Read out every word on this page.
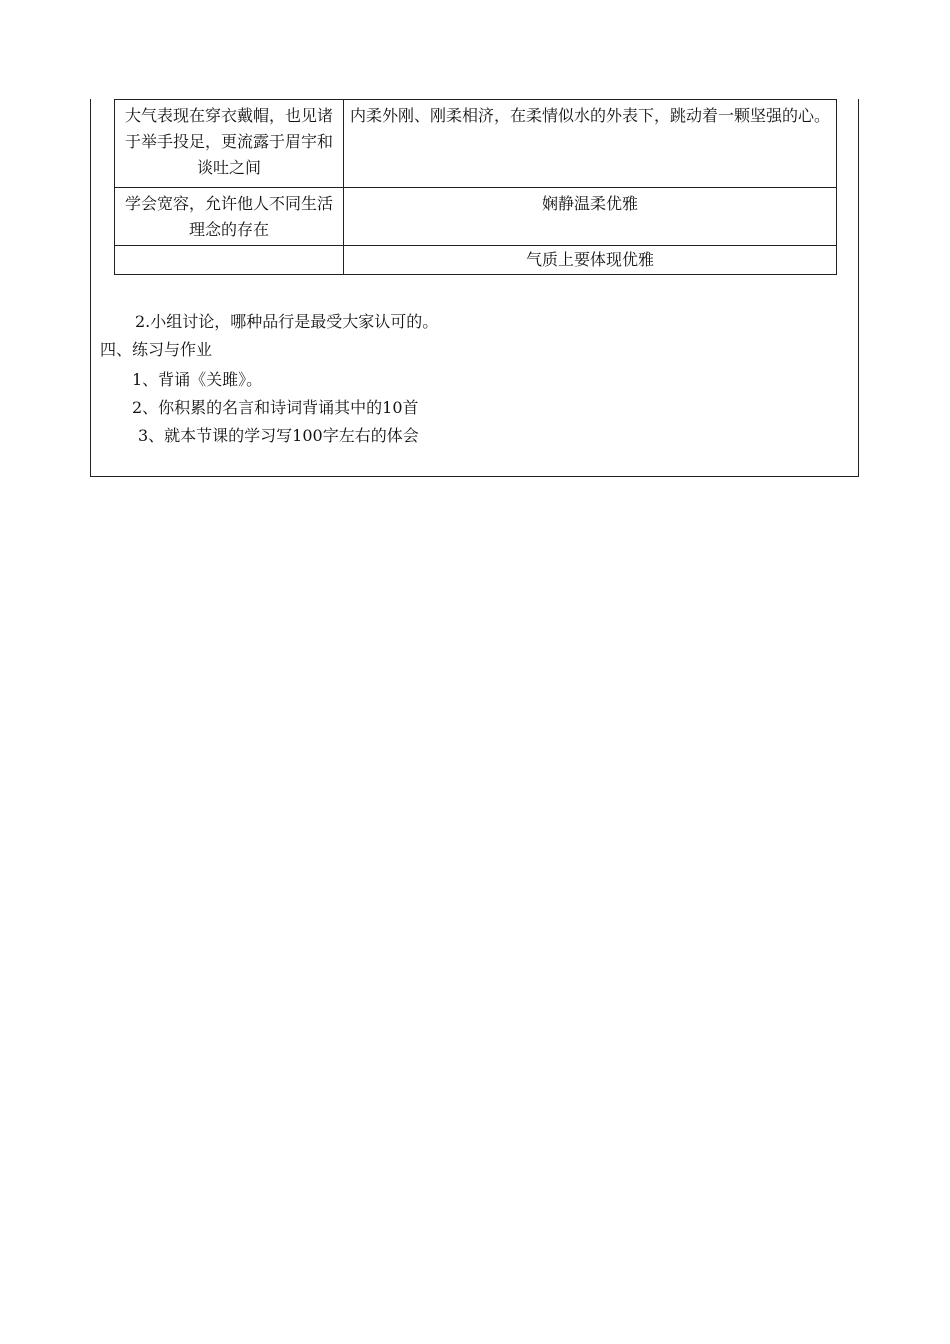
大气表现在穿衣戴帽，也见诸于举手投足，更流露于眉宇和谈吐之间	内柔外刚、刚柔相济，在柔情似水的外表下，跳动着一颗坚强的心。
学会宽容，允许他人不同生活理念的存在	娴静温柔优雅
	气质上要体现优雅
2.小组讨论，哪种品行是最受大家认可的。
四、练习与作业
1、背诵《关雎》。
2、你积累的名言和诗词背诵其中的10首
3、就本节课的学习写100字左右的体会
